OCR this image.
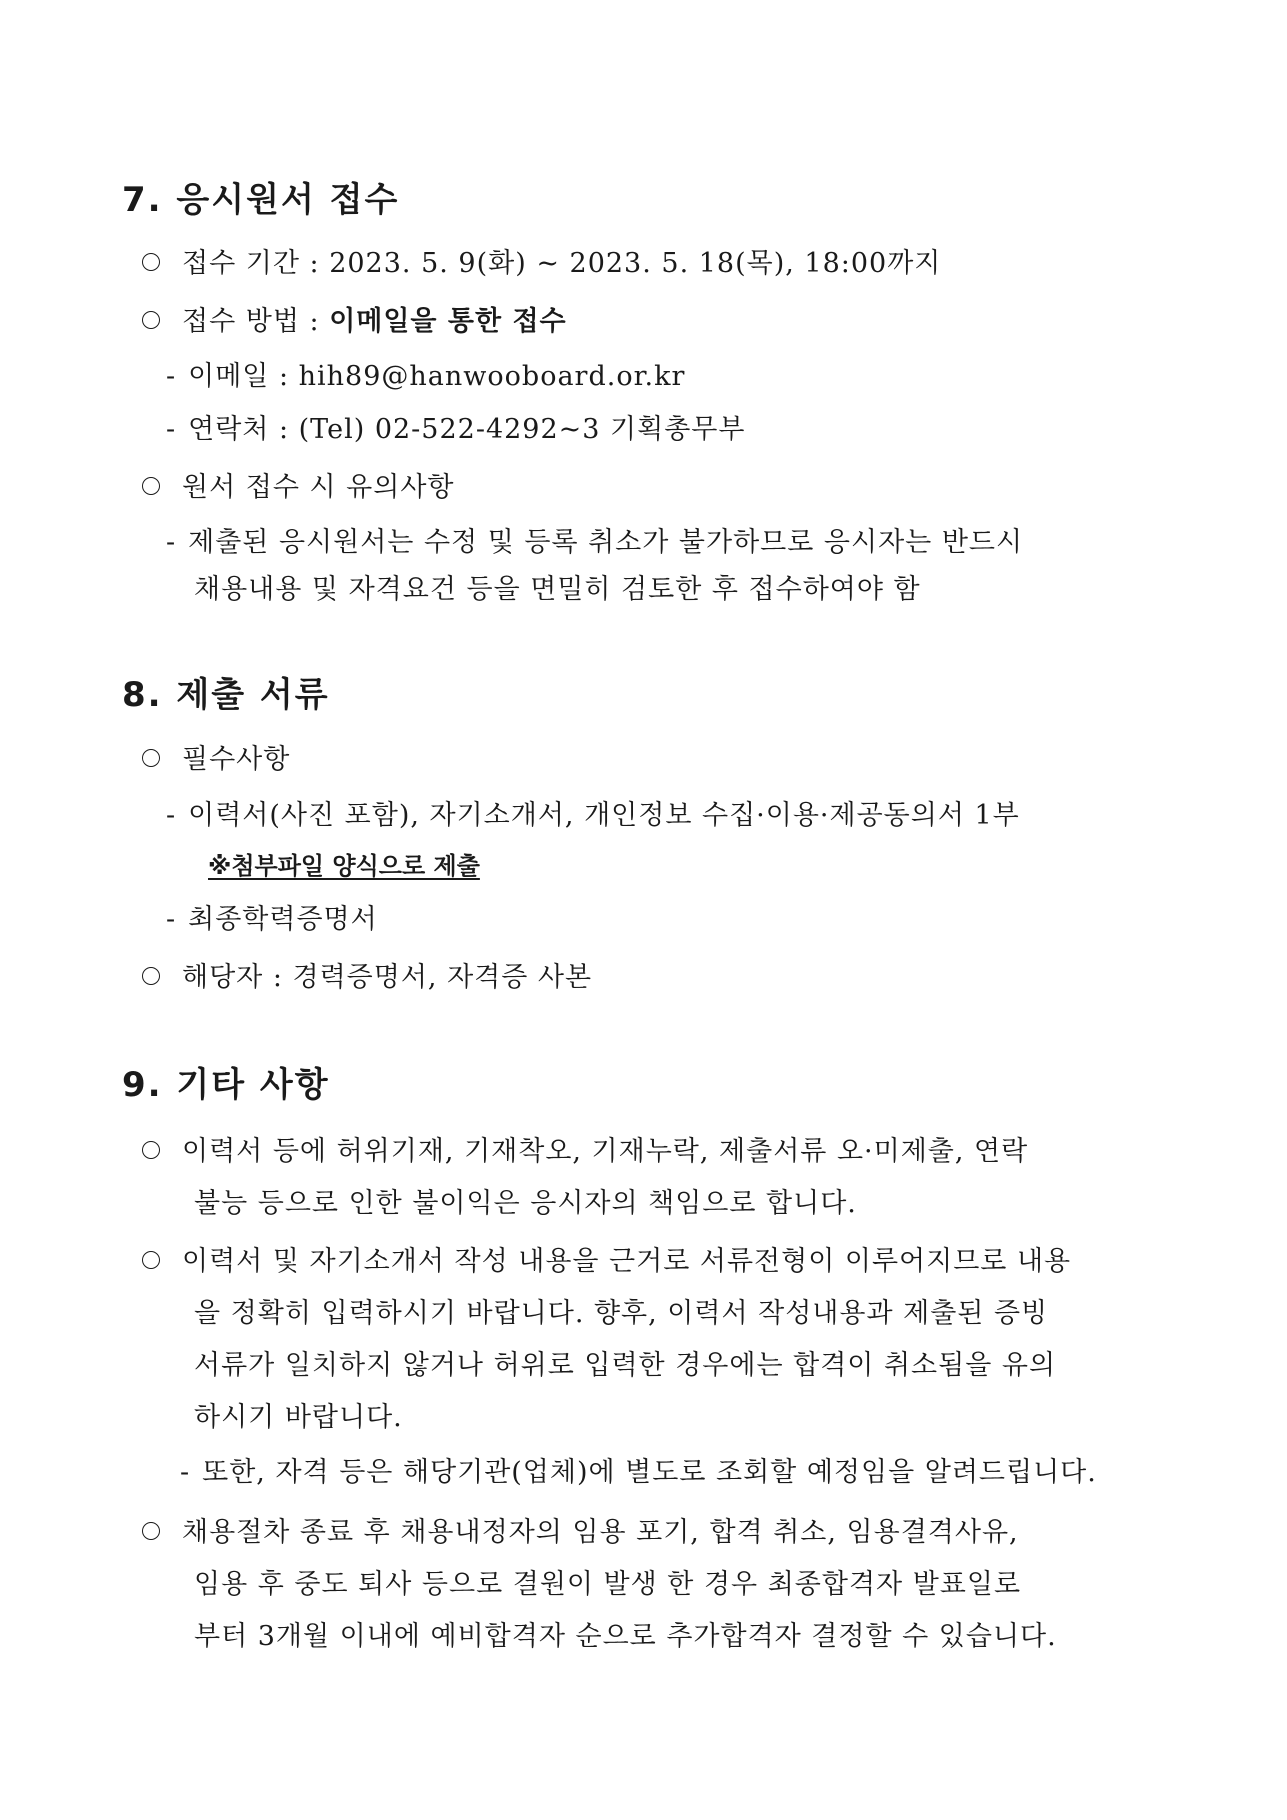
7. 응시원서 접수
접수 기간 : 2023. 5. 9(화) ~ 2023. 5. 18(목), 18:00까지
접수 방법 : 이메일을 통한 접수
- 이메일 : hih89@hanwooboard.or.kr
- 연락처 : (Tel) 02-522-4292~3 기획총무부
원서 접수 시 유의사항
- 제출된 응시원서는 수정 및 등록 취소가 불가하므로 응시자는 반드시
채용내용 및 자격요건 등을 면밀히 검토한 후 접수하여야 함
8. 제출 서류
필수사항
- 이력서(사진 포함), 자기소개서, 개인정보 수집·이용·제공동의서 1부
※첨부파일 양식으로 제출
- 최종학력증명서
해당자 : 경력증명서, 자격증 사본
9. 기타 사항
이력서 등에 허위기재, 기재착오, 기재누락, 제출서류 오·미제출, 연락
불능 등으로 인한 불이익은 응시자의 책임으로 합니다.
이력서 및 자기소개서 작성 내용을 근거로 서류전형이 이루어지므로 내용
을 정확히 입력하시기 바랍니다. 향후, 이력서 작성내용과 제출된 증빙
서류가 일치하지 않거나 허위로 입력한 경우에는 합격이 취소됨을 유의
하시기 바랍니다.
- 또한, 자격 등은 해당기관(업체)에 별도로 조회할 예정임을 알려드립니다.
채용절차 종료 후 채용내정자의 임용 포기, 합격 취소, 임용결격사유,
임용 후 중도 퇴사 등으로 결원이 발생 한 경우 최종합격자 발표일로
부터 3개월 이내에 예비합격자 순으로 추가합격자 결정할 수 있습니다.
